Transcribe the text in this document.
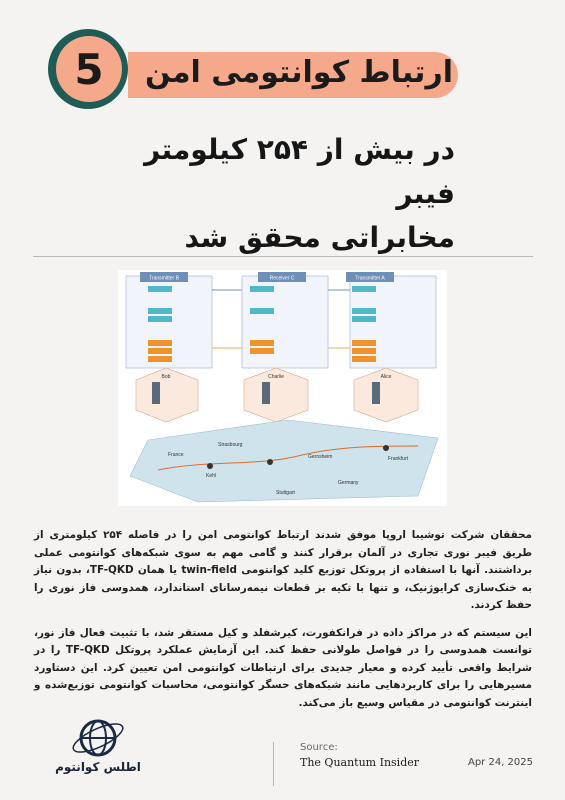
5	ارتباط کوانتومی امن
در بیش از ۲۵۴ کیلومتر فیبر
مخابراتی محقق شد
Transmitter B	Receiver C	Transmitter A
Bob	Charlie	Alice
Frankfurt
Kehl
Gernsheim
Stuttgart
France
Germany
Strasbourg

محققان شرکت توشیبا اروپا موفق شدند ارتباط کوانتومی امن را در فاصله ۲۵۴ کیلومتری از طریق فیبر نوری تجاری در آلمان برقرار کنند و گامی مهم به سوی شبکه‌های کوانتومی عملی برداشتند. آنها با استفاده از پروتکل توزیع کلید کوانتومی twin-field یا همان TF-QKD، بدون نیاز به خنک‌سازی کرایوژنیک، و تنها با تکیه بر قطعات نیمه‌رسانای استاندارد، همدوسی فاز نوری را حفظ کردند.

این سیستم که در مراکز داده در فرانکفورت، کیرشفلد و کیل مستقر شد، با تثبیت فعال فاز نور، توانست همدوسی را در فواصل طولانی حفظ کند. این آزمایش عملکرد پروتکل TF-QKD را در شرایط واقعی تأیید کرده و معیار جدیدی برای ارتباطات کوانتومی امن تعیین کرد. این دستاورد مسیرهایی را برای کاربردهایی مانند شبکه‌های حسگر کوانتومی، محاسبات کوانتومی توزیع‌شده و اینترنت کوانتومی در مقیاس وسیع باز می‌کند.

اطلس کوانتوم
Source:
The Quantum Insider	Apr 24, 2025
